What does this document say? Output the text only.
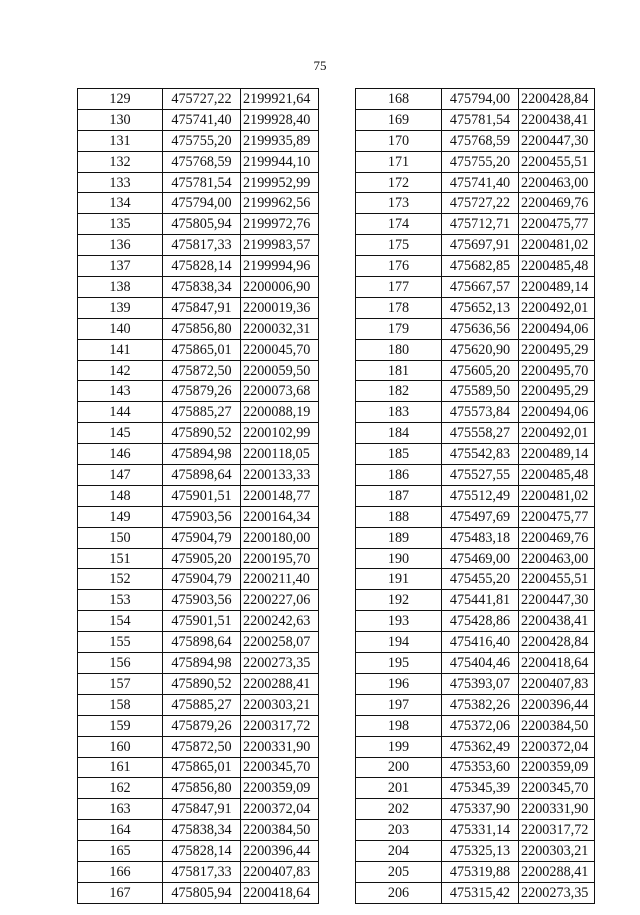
75
129	475727,22	2199921,64
130	475741,40	2199928,40
131	475755,20	2199935,89
132	475768,59	2199944,10
133	475781,54	2199952,99
134	475794,00	2199962,56
135	475805,94	2199972,76
136	475817,33	2199983,57
137	475828,14	2199994,96
138	475838,34	2200006,90
139	475847,91	2200019,36
140	475856,80	2200032,31
141	475865,01	2200045,70
142	475872,50	2200059,50
143	475879,26	2200073,68
144	475885,27	2200088,19
145	475890,52	2200102,99
146	475894,98	2200118,05
147	475898,64	2200133,33
148	475901,51	2200148,77
149	475903,56	2200164,34
150	475904,79	2200180,00
151	475905,20	2200195,70
152	475904,79	2200211,40
153	475903,56	2200227,06
154	475901,51	2200242,63
155	475898,64	2200258,07
156	475894,98	2200273,35
157	475890,52	2200288,41
158	475885,27	2200303,21
159	475879,26	2200317,72
160	475872,50	2200331,90
161	475865,01	2200345,70
162	475856,80	2200359,09
163	475847,91	2200372,04
164	475838,34	2200384,50
165	475828,14	2200396,44
166	475817,33	2200407,83
167	475805,94	2200418,64
168	475794,00	2200428,84
169	475781,54	2200438,41
170	475768,59	2200447,30
171	475755,20	2200455,51
172	475741,40	2200463,00
173	475727,22	2200469,76
174	475712,71	2200475,77
175	475697,91	2200481,02
176	475682,85	2200485,48
177	475667,57	2200489,14
178	475652,13	2200492,01
179	475636,56	2200494,06
180	475620,90	2200495,29
181	475605,20	2200495,70
182	475589,50	2200495,29
183	475573,84	2200494,06
184	475558,27	2200492,01
185	475542,83	2200489,14
186	475527,55	2200485,48
187	475512,49	2200481,02
188	475497,69	2200475,77
189	475483,18	2200469,76
190	475469,00	2200463,00
191	475455,20	2200455,51
192	475441,81	2200447,30
193	475428,86	2200438,41
194	475416,40	2200428,84
195	475404,46	2200418,64
196	475393,07	2200407,83
197	475382,26	2200396,44
198	475372,06	2200384,50
199	475362,49	2200372,04
200	475353,60	2200359,09
201	475345,39	2200345,70
202	475337,90	2200331,90
203	475331,14	2200317,72
204	475325,13	2200303,21
205	475319,88	2200288,41
206	475315,42	2200273,35
